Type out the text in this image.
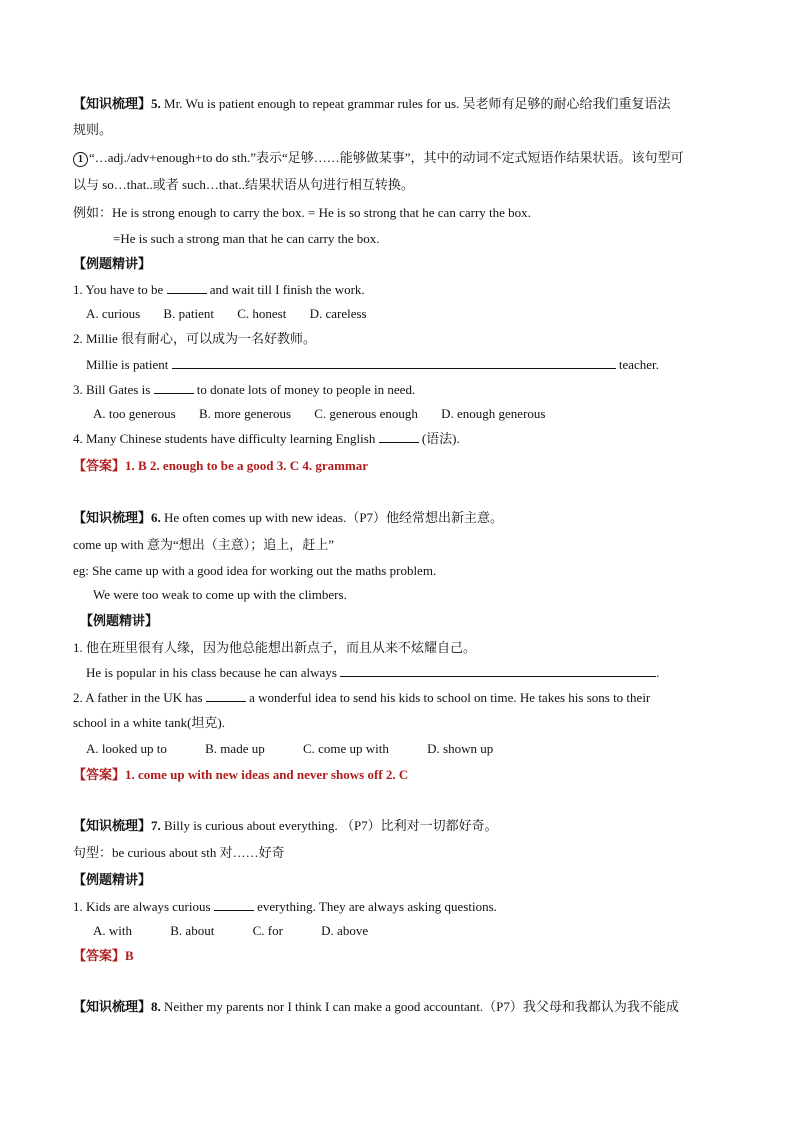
【知识梳理】5. Mr. Wu is patient enough to repeat grammar rules for us. 吴老师有足够的耐心给我们重复语法
规则。
1 “…adj./adv+enough+to do sth.”表示“足够……能够做某事”，其中的动词不定式短语作结果状语。该句型可
以与 so…that..或者 such…that..结果状语从句进行相互转换。
例如：He is strong enough to carry the box. = He is so strong that he can carry the box.
=He is such a strong man that he can carry the box.
【例题精讲】
1. You have to be	and wait till I finish the work.
A. curious B. patient C. honest D. careless
2. Millie 很有耐心，可以成为一名好教师。
Millie is patient	teacher.
3. Bill Gates is	to donate lots of money to people in need.
A. too generous B. more generous C. generous enough D. enough generous
4. Many Chinese students have difficulty learning English	(语法).
【答案】1. B 2. enough to be a good 3. C 4. grammar
【知识梳理】6. He often comes up with new ideas.（P7）他经常想出新主意。
come up with 意为“想出（主意）；追上，赶上”
eg: She came up with a good idea for working out the maths problem.
We were too weak to come up with the climbers.
【例题精讲】
1. 他在班里很有人缘，因为他总能想出新点子，而且从来不炫耀自己。
He is popular in his class because he can always	.
2. A father in the UK has	a wonderful idea to send his kids to school on time. He takes his sons to their
school in a white tank(坦克).
A. looked up to	B. made up	C. come up with	D. shown up
【答案】1. come up with new ideas and never shows off 2. C
【知识梳理】7. Billy is curious about everything. （P7）比利对一切都好奇。
句型：be curious about sth 对……好奇
【例题精讲】
1. Kids are always curious	everything. They are always asking questions.
A. with	B. about	C. for	D. above
【答案】B
【知识梳理】8. Neither my parents nor I think I can make a good accountant.（P7）我父母和我都认为我不能成
